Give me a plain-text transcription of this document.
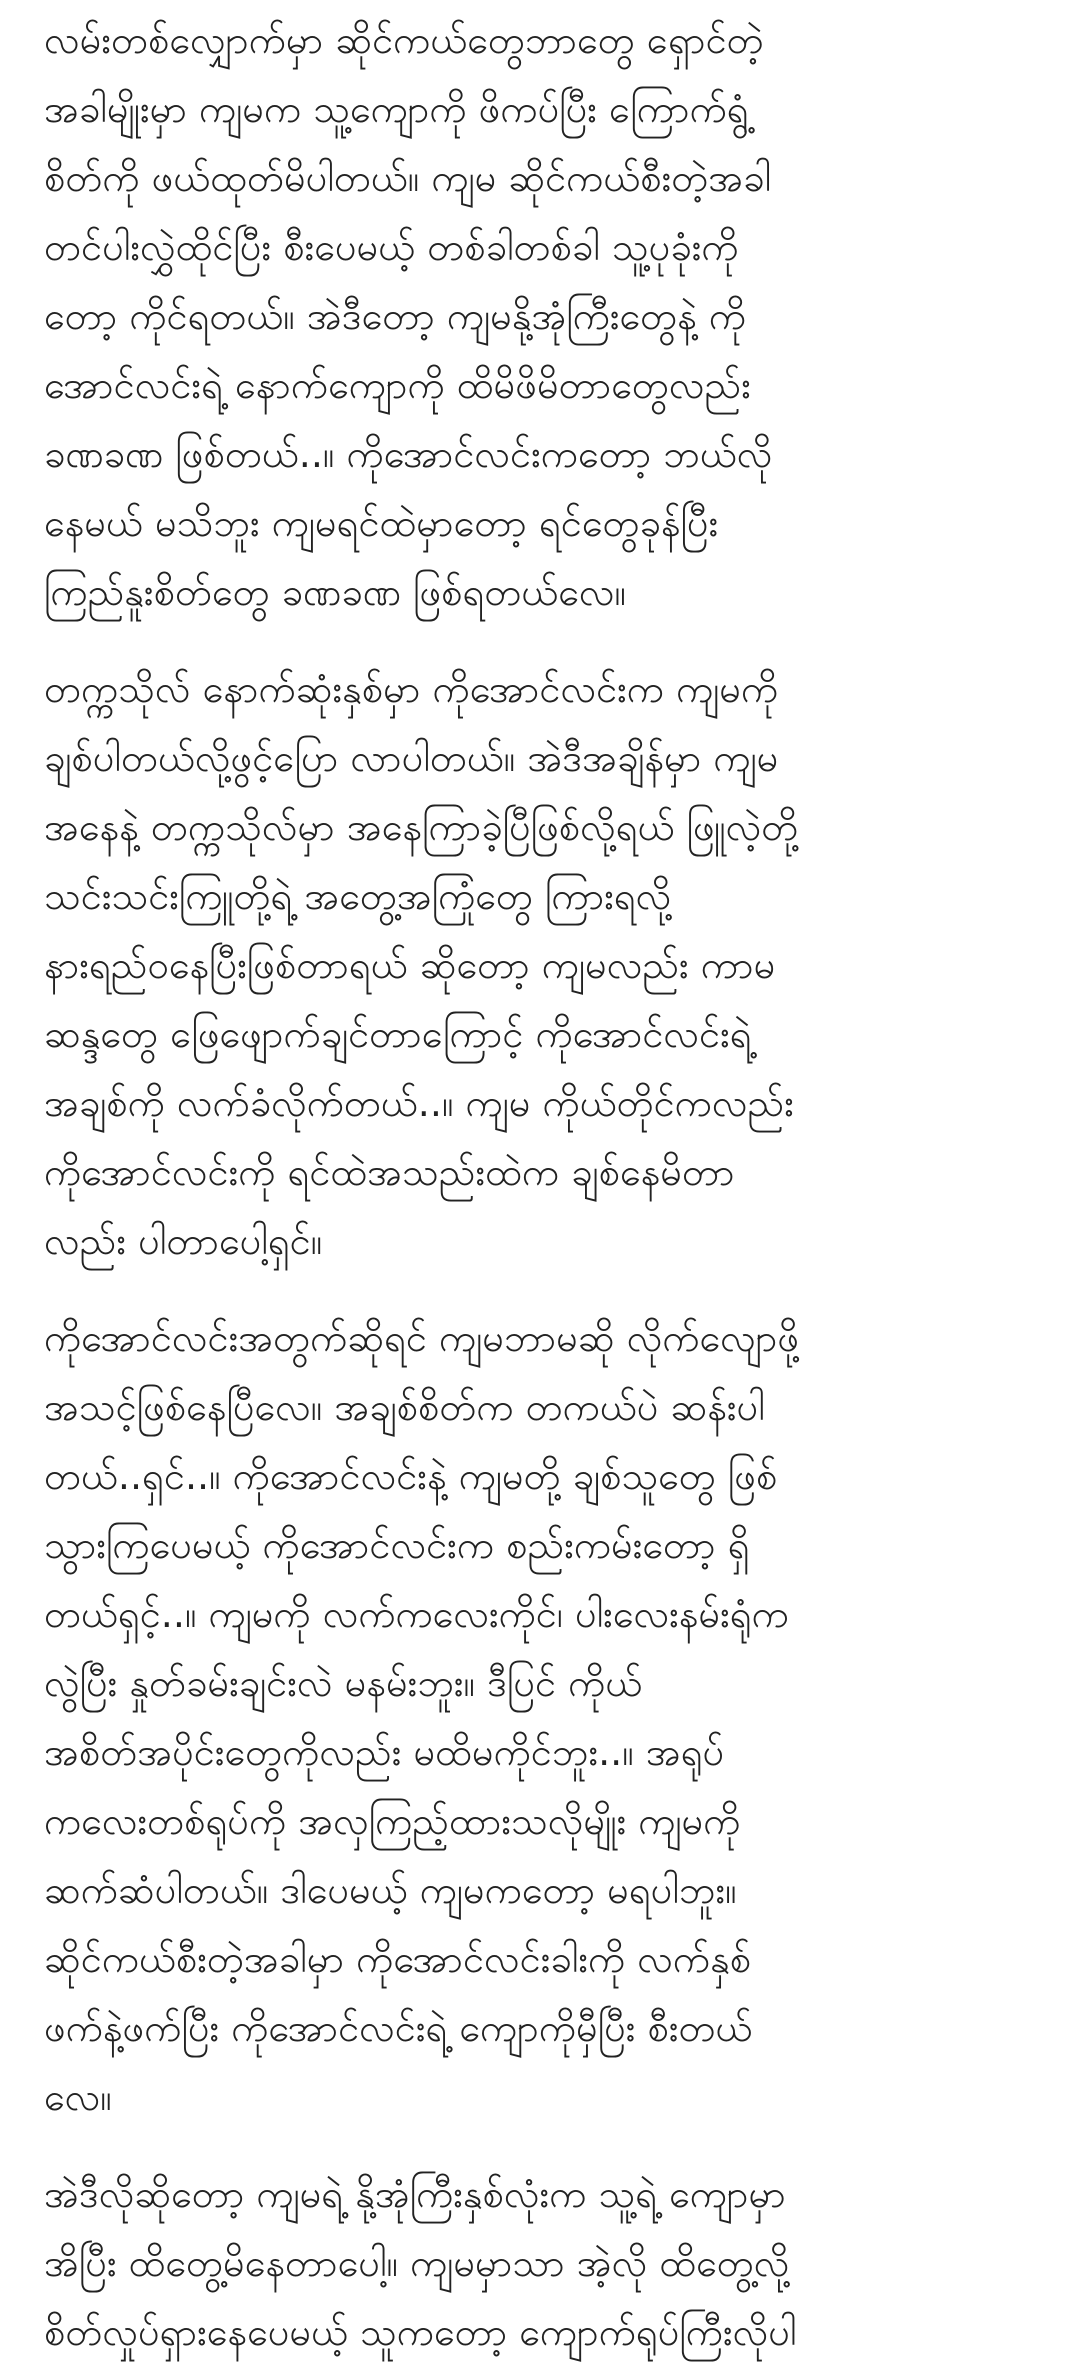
လမ်းတစ်လျှောက်မှာ ဆိုင်ကယ်တွေဘာတွေ ရှောင်တဲ့
အခါမျိုးမှာ ကျမက သူ့ကျောကို ဖိကပ်ပြီး ကြောက်ရွံ့
စိတ်ကို ဖယ်ထုတ်မိပါတယ်။ ကျမ ဆိုင်ကယ်စီးတဲ့အခါ
တင်ပါးလွှဲထိုင်ပြီး စီးပေမယ့် တစ်ခါတစ်ခါ သူ့ပုခုံးကို
တော့ ကိုင်ရတယ်။ အဲဒီတော့ ကျမနို့အုံကြီးတွေနဲ့ ကို
အောင်လင်းရဲ့ နောက်ကျောကို ထိမိဖိမိတာတွေလည်း
ခဏခဏ ဖြစ်တယ်..။ ကိုအောင်လင်းကတော့ ဘယ်လို
နေမယ် မသိဘူး ကျမရင်ထဲမှာတော့ ရင်တွေခုန်ပြီး
ကြည်နူးစိတ်တွေ ခဏခဏ ဖြစ်ရတယ်လေ။
တက္ကသိုလ် နောက်ဆုံးနှစ်မှာ ကိုအောင်လင်းက ကျမကို
ချစ်ပါတယ်လို့ဖွင့်ပြော လာပါတယ်။ အဲဒီအချိန်မှာ ကျမ
အနေနဲ့ တက္ကသိုလ်မှာ အနေကြာခဲ့ပြီဖြစ်လို့ရယ် ဖြူလဲ့တို့
သင်းသင်းကြူတို့ရဲ့ အတွေ့အကြုံတွေ ကြားရလို့
နားရည်ဝနေပြီးဖြစ်တာရယ် ဆိုတော့ ကျမလည်း ကာမ
ဆန္ဒတွေ ဖြေဖျောက်ချင်တာကြောင့် ကိုအောင်လင်းရဲ့
အချစ်ကို လက်ခံလိုက်တယ်..။ ကျမ ကိုယ်တိုင်ကလည်း
ကိုအောင်လင်းကို ရင်ထဲအသည်းထဲက ချစ်နေမိတာ
လည်း ပါတာပေါ့ရှင်။
ကိုအောင်လင်းအတွက်ဆိုရင် ကျမဘာမဆို လိုက်လျောဖို့
အသင့်ဖြစ်နေပြီလေ။ အချစ်စိတ်က တကယ်ပဲ ဆန်းပါ
တယ်..ရှင်..။ ကိုအောင်လင်းနဲ့ ကျမတို့ ချစ်သူတွေ ဖြစ်
သွားကြပေမယ့် ကိုအောင်လင်းက စည်းကမ်းတော့ ရှိ
တယ်ရှင့်..။ ကျမကို လက်ကလေးကိုင်၊ ပါးလေးနမ်းရုံက
လွဲပြီး နှုတ်ခမ်းချင်းလဲ မနမ်းဘူး။ ဒီပြင် ကိုယ်
အစိတ်အပိုင်းတွေကိုလည်း မထိမကိုင်ဘူး..။ အရုပ်
ကလေးတစ်ရုပ်ကို အလှကြည့်ထားသလိုမျိုး ကျမကို
ဆက်ဆံပါတယ်။ ဒါပေမယ့် ကျမကတော့ မရပါဘူး။
ဆိုင်ကယ်စီးတဲ့အခါမှာ ကိုအောင်လင်းခါးကို လက်နှစ်
ဖက်နဲ့ဖက်ပြီး ကိုအောင်လင်းရဲ့ ကျောကိုမှီပြီး စီးတယ်
လေ။
အဲဒီလိုဆိုတော့ ကျမရဲ့ နို့အုံကြီးနှစ်လုံးက သူ့ရဲ့ ကျောမှာ
အိပြီး ထိတွေ့မိနေတာပေါ့။ ကျမမှာသာ အဲ့လို ထိတွေ့လို့
စိတ်လှုပ်ရှားနေပေမယ့် သူကတော့ ကျောက်ရုပ်ကြီးလိုပါ
